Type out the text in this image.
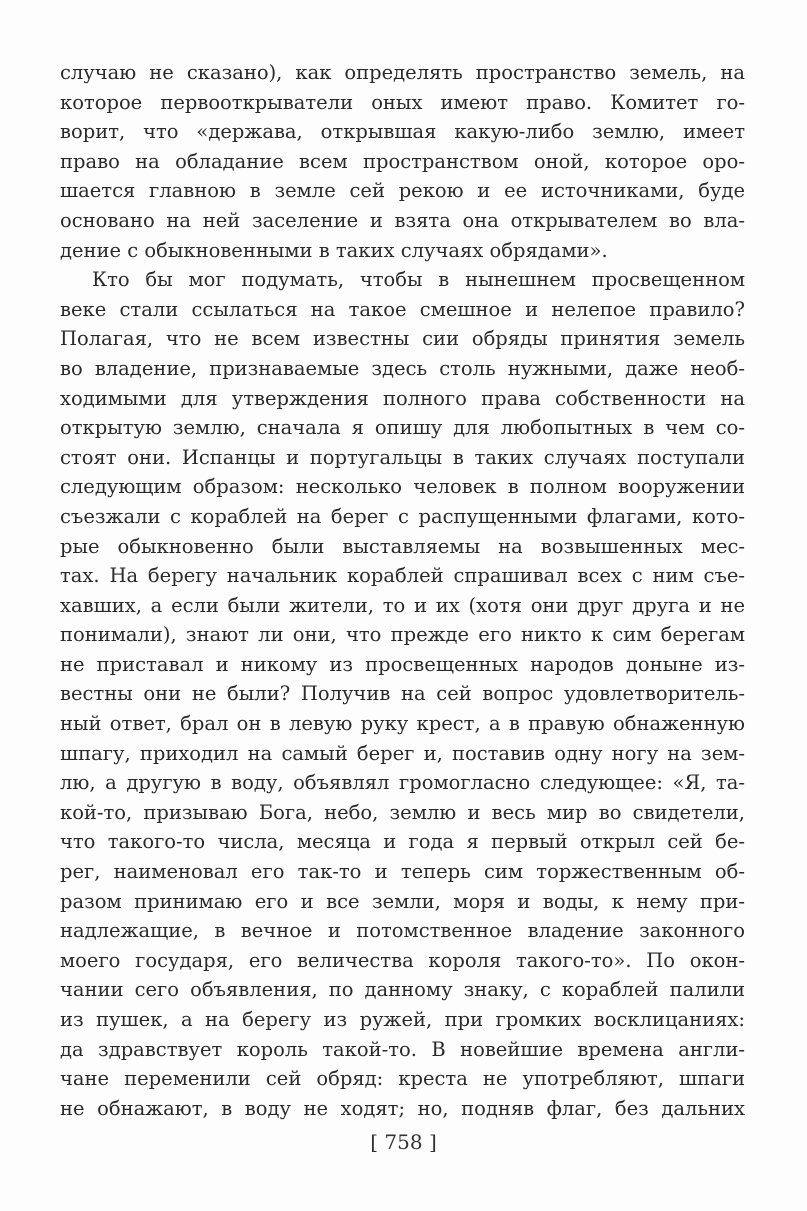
случаю не сказано), как определять пространство земель, на
которое первооткрыватели оных имеют право. Комитет го-
ворит, что «держава, открывшая какую-либо землю, имеет
право на обладание всем пространством оной, которое оро-
шается главною в земле сей рекою и ее источниками, буде
основано на ней заселение и взята она открывателем во вла-
дение с обыкновенными в таких случаях обрядами».
Кто бы мог подумать, чтобы в нынешнем просвещенном
веке стали ссылаться на такое смешное и нелепое правило?
Полагая, что не всем известны сии обряды принятия земель
во владение, признаваемые здесь столь нужными, даже необ-
ходимыми для утверждения полного права собственности на
открытую землю, сначала я опишу для любопытных в чем со-
стоят они. Испанцы и португальцы в таких случаях поступали
следующим образом: несколько человек в полном вооружении
съезжали с кораблей на берег с распущенными флагами, кото-
рые обыкновенно были выставляемы на возвышенных мес-
тах. На берегу начальник кораблей спрашивал всех с ним съе-
хавших, а если были жители, то и их (хотя они друг друга и не
понимали), знают ли они, что прежде его никто к сим берегам
не приставал и никому из просвещенных народов доныне из-
вестны они не были? Получив на сей вопрос удовлетворитель-
ный ответ, брал он в левую руку крест, а в правую обнаженную
шпагу, приходил на самый берег и, поставив одну ногу на зем-
лю, а другую в воду, объявлял громогласно следующее: «Я, та-
кой-то, призываю Бога, небо, землю и весь мир во свидетели,
что такого-то числа, месяца и года я первый открыл сей бе-
рег, наименовал его так-то и теперь сим торжественным об-
разом принимаю его и все земли, моря и воды, к нему при-
надлежащие, в вечное и потомственное владение законного
моего государя, его величества короля такого-то». По окон-
чании сего объявления, по данному знаку, с кораблей палили
из пушек, а на берегу из ружей, при громких восклицаниях:
да здравствует король такой-то. В новейшие времена англи-
чане переменили сей обряд: креста не употребляют, шпаги
не обнажают, в воду не ходят; но, подняв флаг, без дальних
[ 758 ]
